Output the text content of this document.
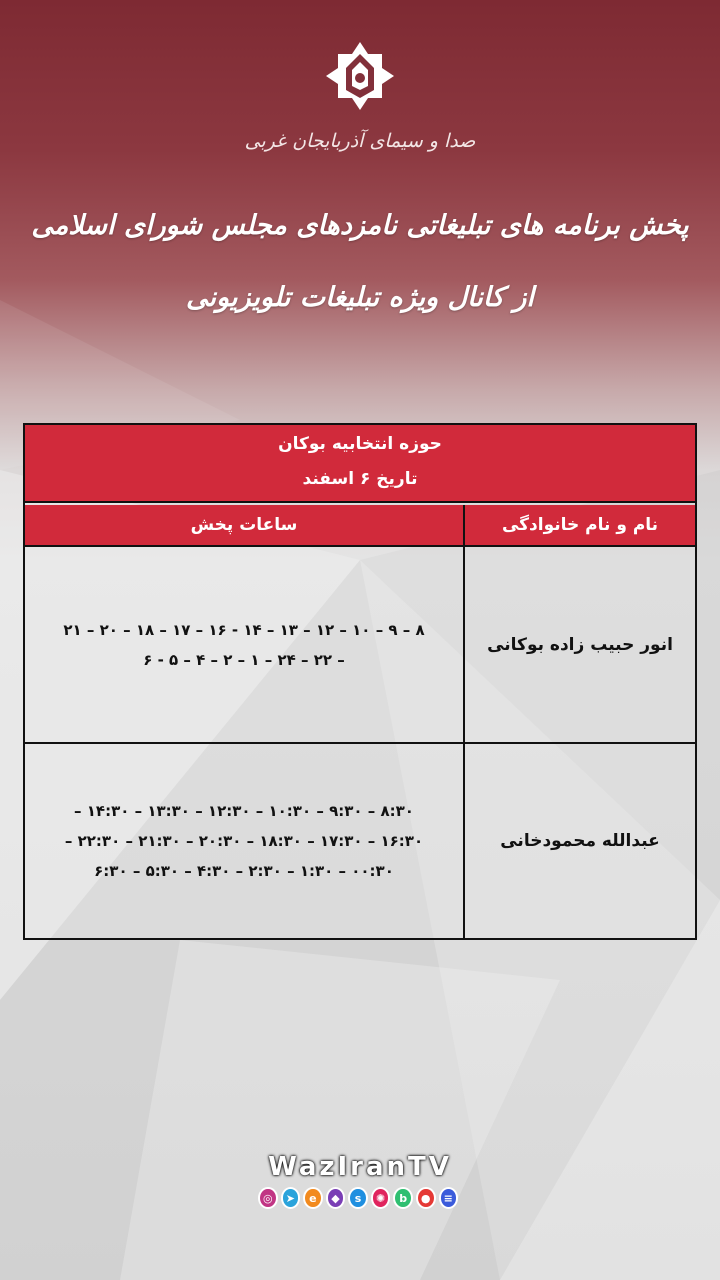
صدا و سیمای آذربایجان غربی
پخش برنامه های تبلیغاتی نامزدهای مجلس شورای اسلامی
از کانال ویژه تبلیغات تلویزیونی
حوزه انتخابیه بوکان
تاریخ ۶ اسفند
نام و نام خانوادگی
ساعات پخش
انور حبیب زاده بوکانی
۸ – ۹ – ۱۰ – ۱۲ – ۱۳ – ۱۴ - ۱۶ – ۱۷ – ۱۸ – ۲۰ – ۲۱
– ۲۲ – ۲۴ – ۱ – ۲ – ۴ – ۵ - ۶
عبدالله محمودخانی
۸:۳۰ – ۹:۳۰ – ۱۰:۳۰ – ۱۲:۳۰ – ۱۳:۳۰ – ۱۴:۳۰ –
۱۶:۳۰ – ۱۷:۳۰ – ۱۸:۳۰ – ۲۰:۳۰ – ۲۱:۳۰ – ۲۲:۳۰ –
۰۰:۳۰ – ۱:۳۰ – ۲:۳۰ – ۴:۳۰ – ۵:۳۰ – ۶:۳۰
WazIranTV
◎	➤	e	◆	s	✺	b	●	≡
